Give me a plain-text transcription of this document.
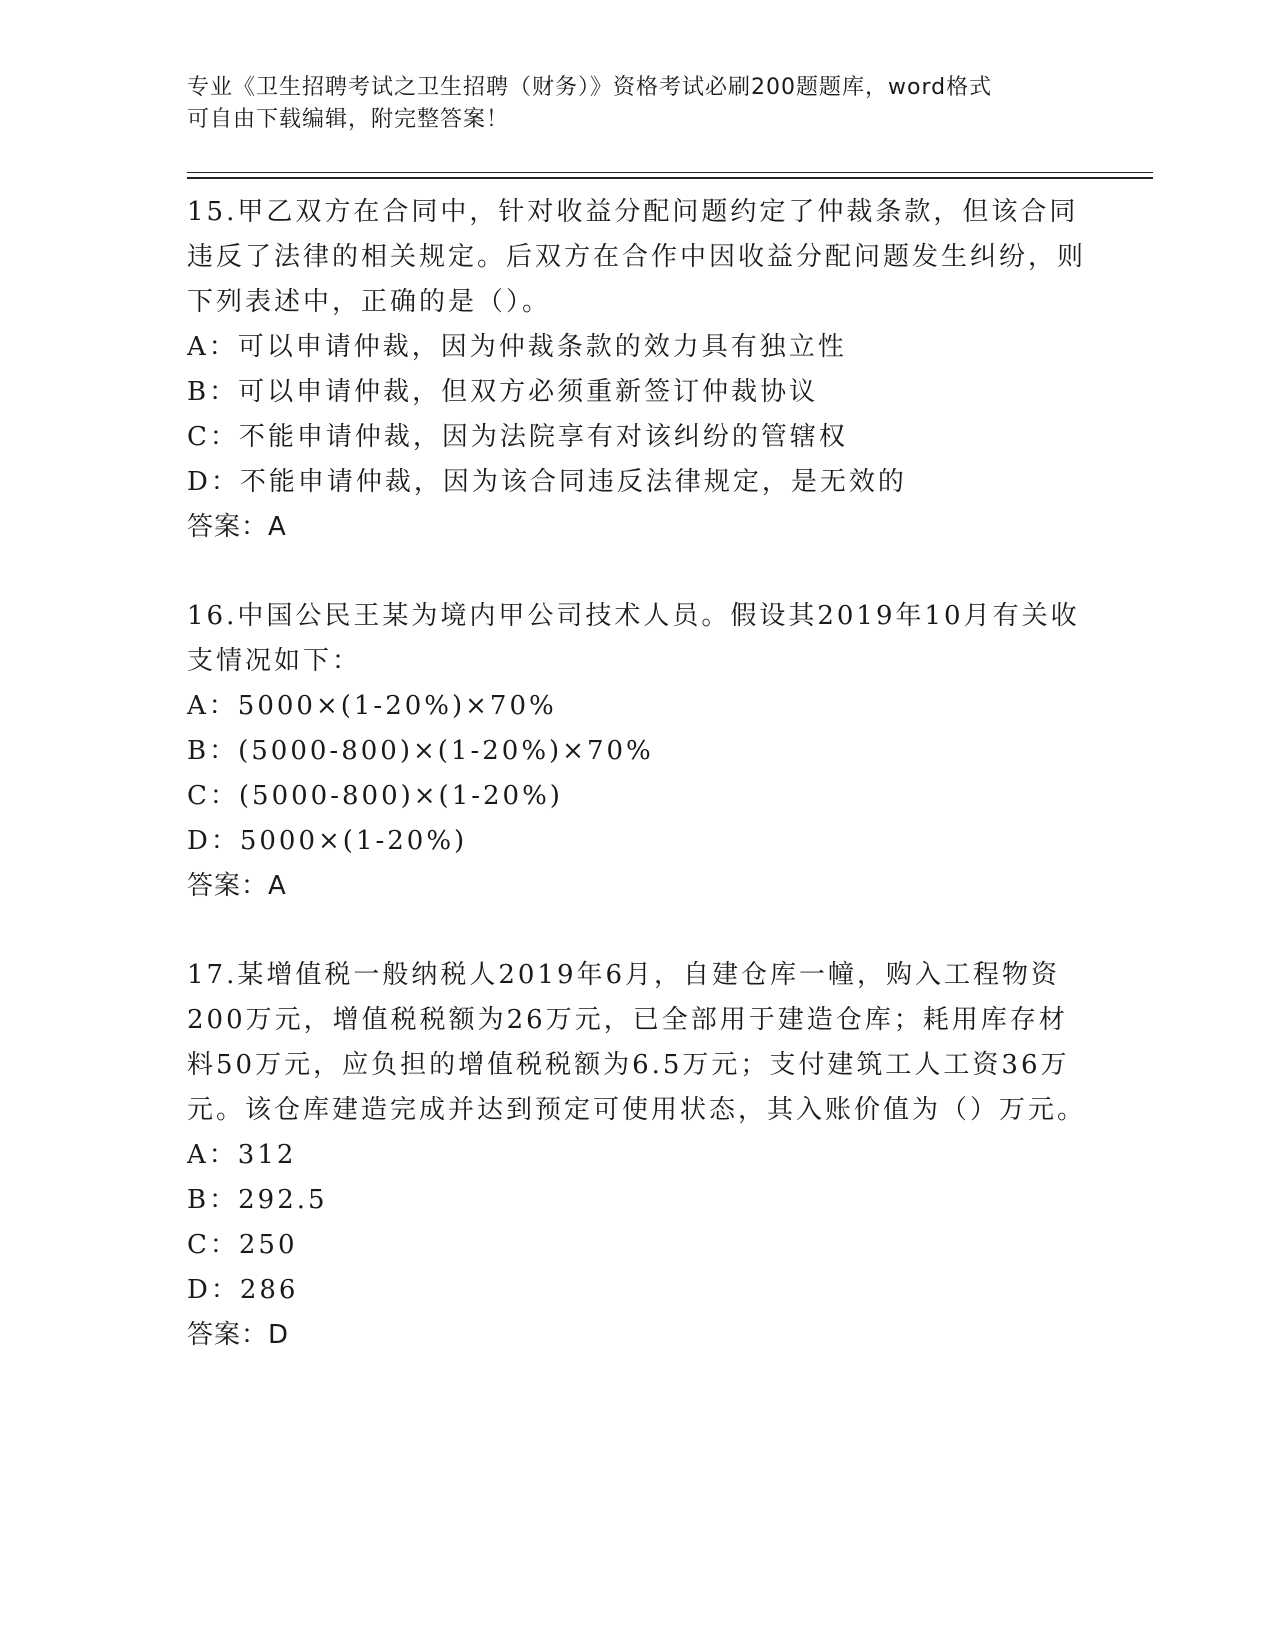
专业《卫生招聘考试之卫生招聘（财务）》资格考试必刷200题题库，word格式
可自由下载编辑，附完整答案！
15.甲乙双方在合同中，针对收益分配问题约定了仲裁条款，但该合同违反了法律的相关规定。后双方在合作中因收益分配问题发生纠纷，则下列表述中，正确的是（）。
A：可以申请仲裁，因为仲裁条款的效力具有独立性
B：可以申请仲裁，但双方必须重新签订仲裁协议
C：不能申请仲裁，因为法院享有对该纠纷的管辖权
D：不能申请仲裁，因为该合同违反法律规定，是无效的
答案：A
16.中国公民王某为境内甲公司技术人员。假设其2019年10月有关收支情况如下：
A：5000×(1-20%)×70%
B：(5000-800)×(1-20%)×70%
C：(5000-800)×(1-20%)
D：5000×(1-20%)
答案：A
17.某增值税一般纳税人2019年6月，自建仓库一幢，购入工程物资200万元，增值税税额为26万元，已全部用于建造仓库；耗用库存材料50万元，应负担的增值税税额为6.5万元；支付建筑工人工资36万元。该仓库建造完成并达到预定可使用状态，其入账价值为（）万元。
A：312
B：292.5
C：250
D：286
答案：D
